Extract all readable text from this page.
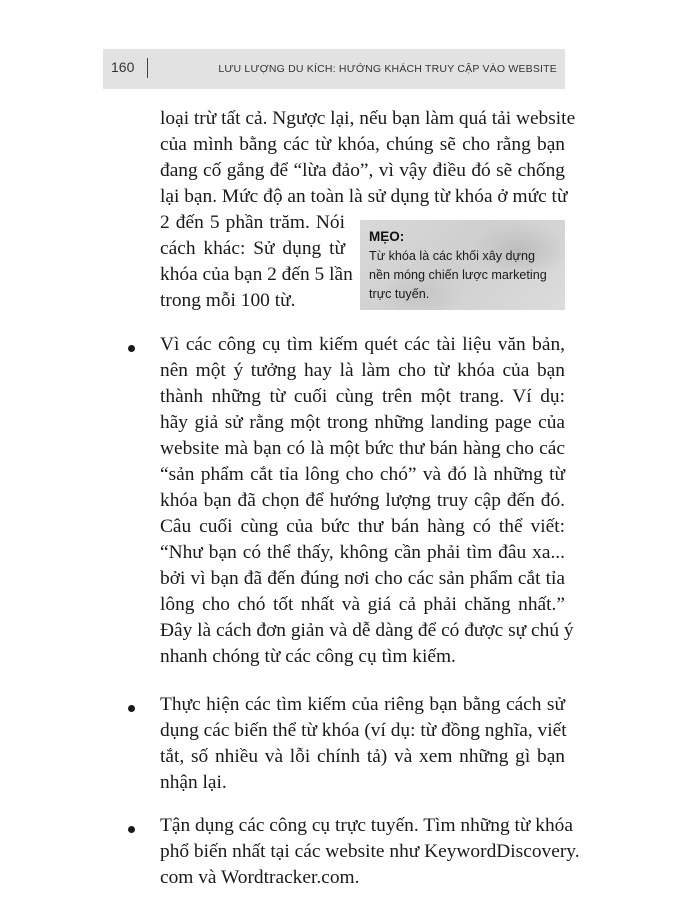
160	LƯU LƯỢNG DU KÍCH: HƯỚNG KHÁCH TRUY CẬP VÀO WEBSITE
loại trừ tất cả. Ngược lại, nếu bạn làm quá tải website
của mình bằng các từ khóa, chúng sẽ cho rằng bạn
đang cố gắng để “lừa đảo”, vì vậy điều đó sẽ chống
lại bạn. Mức độ an toàn là sử dụng từ khóa ở mức từ
2 đến 5 phần trăm. Nói
cách khác: Sử dụng từ
khóa của bạn 2 đến 5 lần
trong mỗi 100 từ.
MẸO:

Từ khóa là các khối xây dựng
nền móng chiến lược marketing
trực tuyến.

Vì các công cụ tìm kiếm quét các tài liệu văn bản,
nên một ý tưởng hay là làm cho từ khóa của bạn
thành những từ cuối cùng trên một trang. Ví dụ:
hãy giả sử rằng một trong những landing page của
website mà bạn có là một bức thư bán hàng cho các
“sản phẩm cắt tỉa lông cho chó” và đó là những từ
khóa bạn đã chọn để hướng lượng truy cập đến đó.
Câu cuối cùng của bức thư bán hàng có thể viết:
“Như bạn có thể thấy, không cần phải tìm đâu xa...
bởi vì bạn đã đến đúng nơi cho các sản phẩm cắt tỉa
lông cho chó tốt nhất và giá cả phải chăng nhất.”
Đây là cách đơn giản và dễ dàng để có được sự chú ý
nhanh chóng từ các công cụ tìm kiếm.
Thực hiện các tìm kiếm của riêng bạn bằng cách sử
dụng các biến thể từ khóa (ví dụ: từ đồng nghĩa, viết
tắt, số nhiều và lỗi chính tả) và xem những gì bạn
nhận lại.
Tận dụng các công cụ trực tuyến. Tìm những từ khóa
phổ biến nhất tại các website như KeywordDiscovery.
com và Wordtracker.com.
